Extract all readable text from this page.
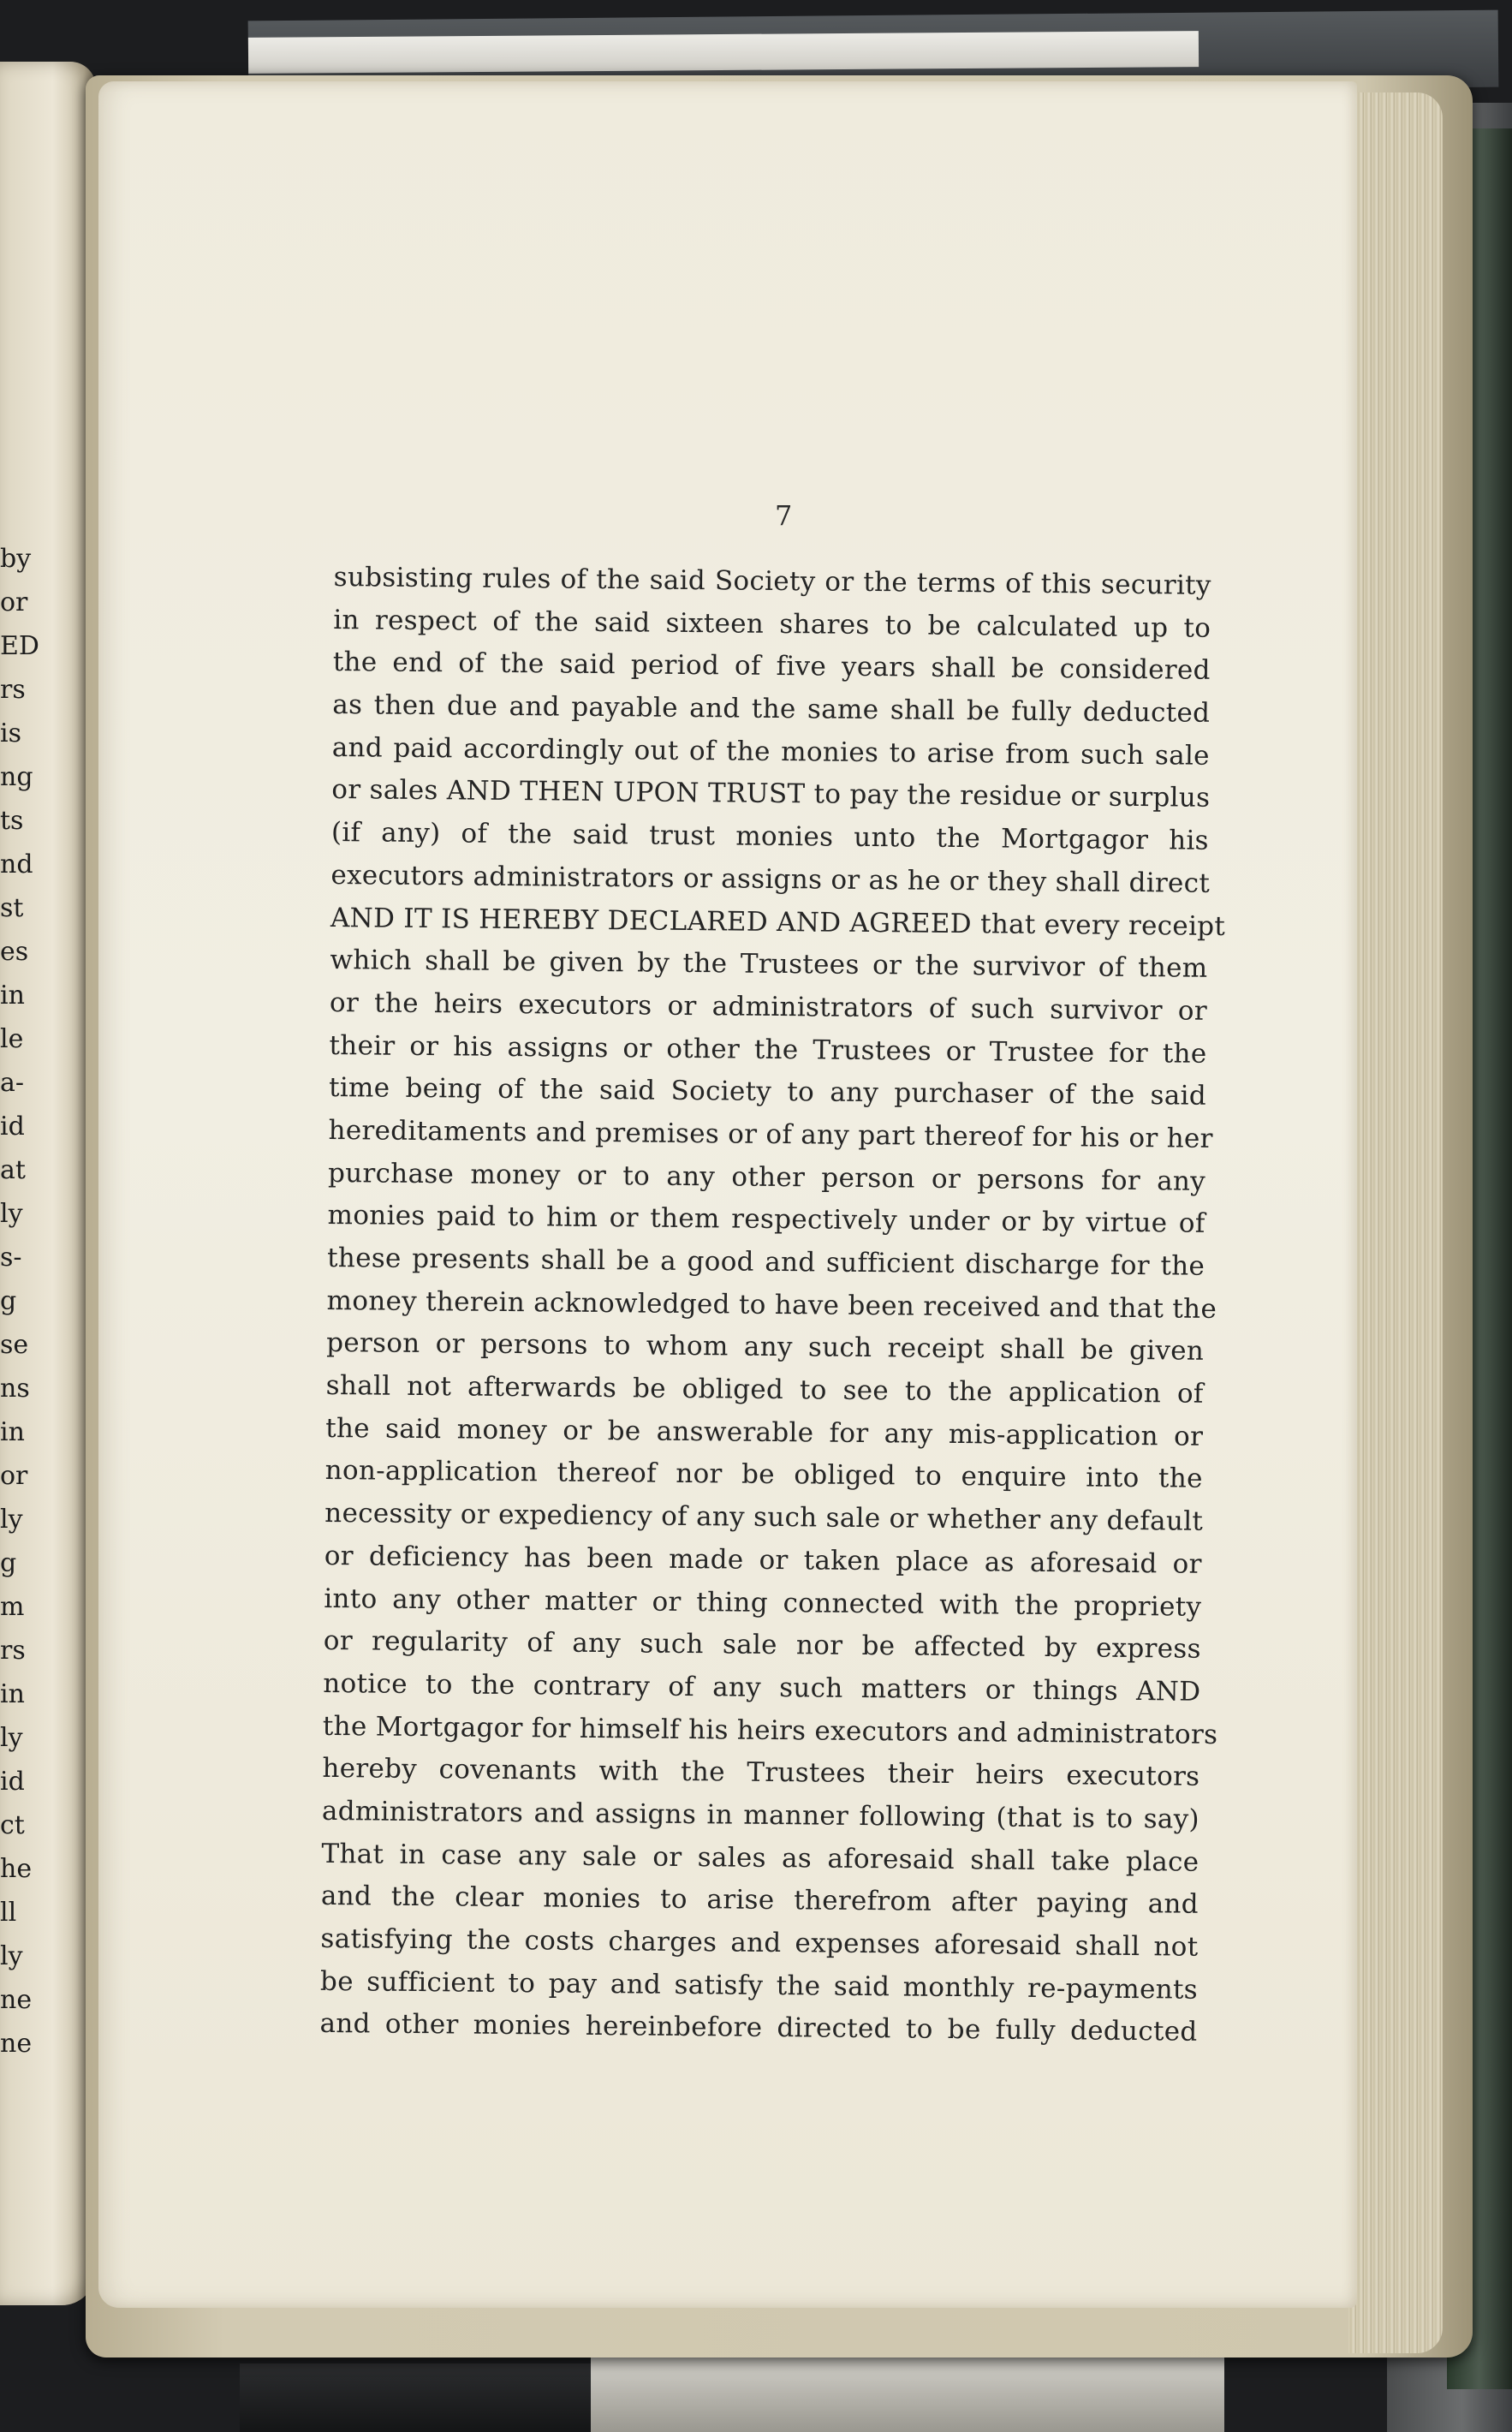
by
or
ED
rs
is
ng
ts
nd
st
es
in
le
a-
id
at
ly
s-
g
se
ns
in
or
ly
g
m
rs
in
ly
id
ct
he
ll
ly
ne
ne
7
subsisting rules of the said Society or the terms of this security
in respect of the said sixteen shares to be calculated up to
the end of the said period of five years shall be considered
as then due and payable and the same shall be fully deducted
and paid accordingly out of the monies to arise from such sale
or sales AND THEN UPON TRUST to pay the residue or surplus
(if any) of the said trust monies unto the Mortgagor his
executors administrators or assigns or as he or they shall direct
AND IT IS HEREBY DECLARED AND AGREED that every receipt
which shall be given by the Trustees or the survivor of them
or the heirs executors or administrators of such survivor or
their or his assigns or other the Trustees or Trustee for the
time being of the said Society to any purchaser of the said
hereditaments and premises or of any part thereof for his or her
purchase money or to any other person or persons for any
monies paid to him or them respectively under or by virtue of
these presents shall be a good and sufficient discharge for the
money therein acknowledged to have been received and that the
person or persons to whom any such receipt shall be given
shall not afterwards be obliged to see to the application of
the said money or be answerable for any mis-application or
non-application thereof nor be obliged to enquire into the
necessity or expediency of any such sale or whether any default
or deficiency has been made or taken place as aforesaid or
into any other matter or thing connected with the propriety
or regularity of any such sale nor be affected by express
notice to the contrary of any such matters or things AND
the Mortgagor for himself his heirs executors and administrators
hereby covenants with the Trustees their heirs executors
administrators and assigns in manner following (that is to say)
That in case any sale or sales as aforesaid shall take place
and the clear monies to arise therefrom after paying and
satisfying the costs charges and expenses aforesaid shall not
be sufficient to pay and satisfy the said monthly re-payments
and other monies hereinbefore directed to be fully deducted
